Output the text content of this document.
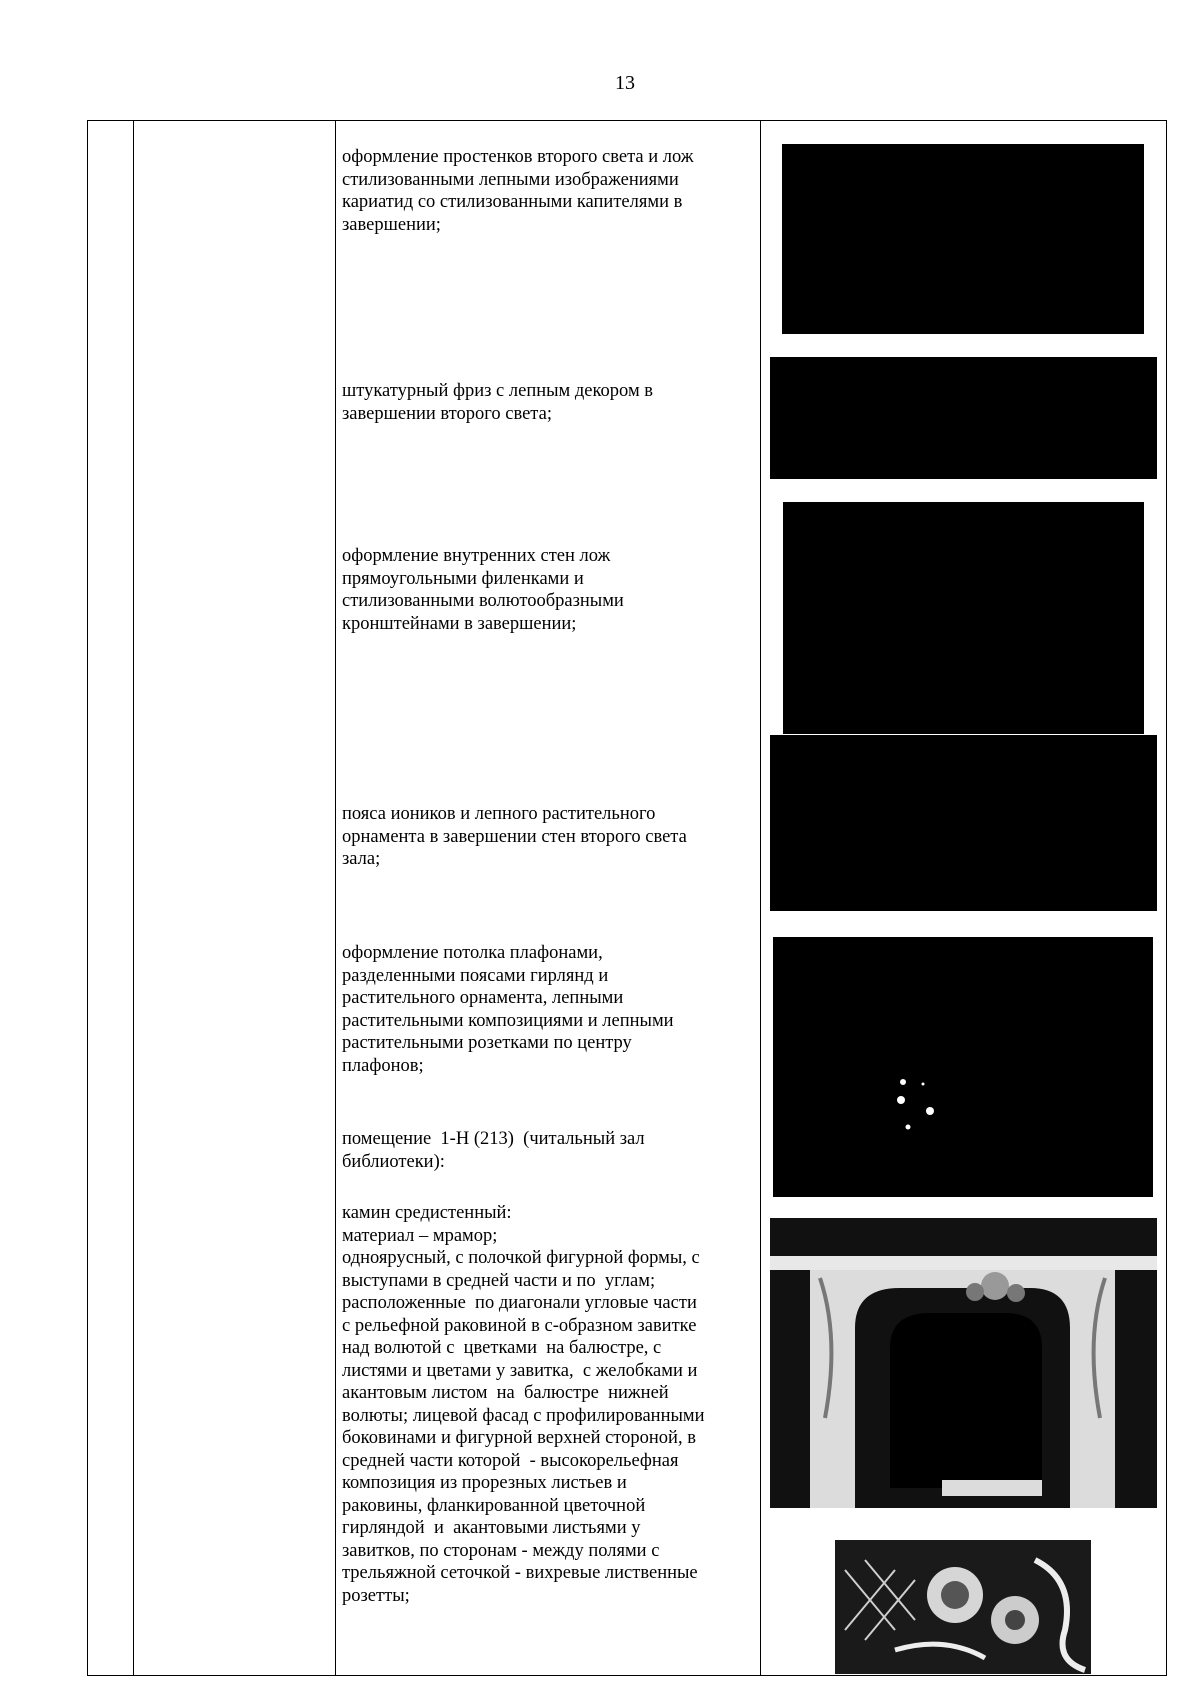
13
оформление простенков второго света и лож
стилизованными лепными изображениями
кариатид со стилизованными капителями в
завершении;
штукатурный фриз с лепным декором в
завершении второго света;
оформление внутренних стен лож
прямоугольными филенками и
стилизованными волютообразными
кронштейнами в завершении;
пояса иоников и лепного растительного
орнамента в завершении стен второго света
зала;
оформление потолка плафонами,
разделенными поясами гирлянд и
растительного орнамента, лепными
растительными композициями и лепными
растительными розетками по центру
плафонов;
помещение  1-Н (213)  (читальный зал
библиотеки):
камин средистенный:
материал – мрамор;
одноярусный, с полочкой фигурной формы, с
выступами в средней части и по  углам;
расположенные  по диагонали угловые части
с рельефной раковиной в с-образном завитке
над волютой с  цветками  на балюстре, с
листями и цветами у завитка,  с желобками и
акантовым листом  на  балюстре  нижней
волюты; лицевой фасад с профилированными
боковинами и фигурной верхней стороной, в
средней части которой  - высокорельефная
композиция из прорезных листьев и
раковины, фланкированной цветочной
гирляндой  и  акантовыми листьями у
завитков, по сторонам - между полями с
трельяжной сеточкой - вихревые лиственные
розетты;
